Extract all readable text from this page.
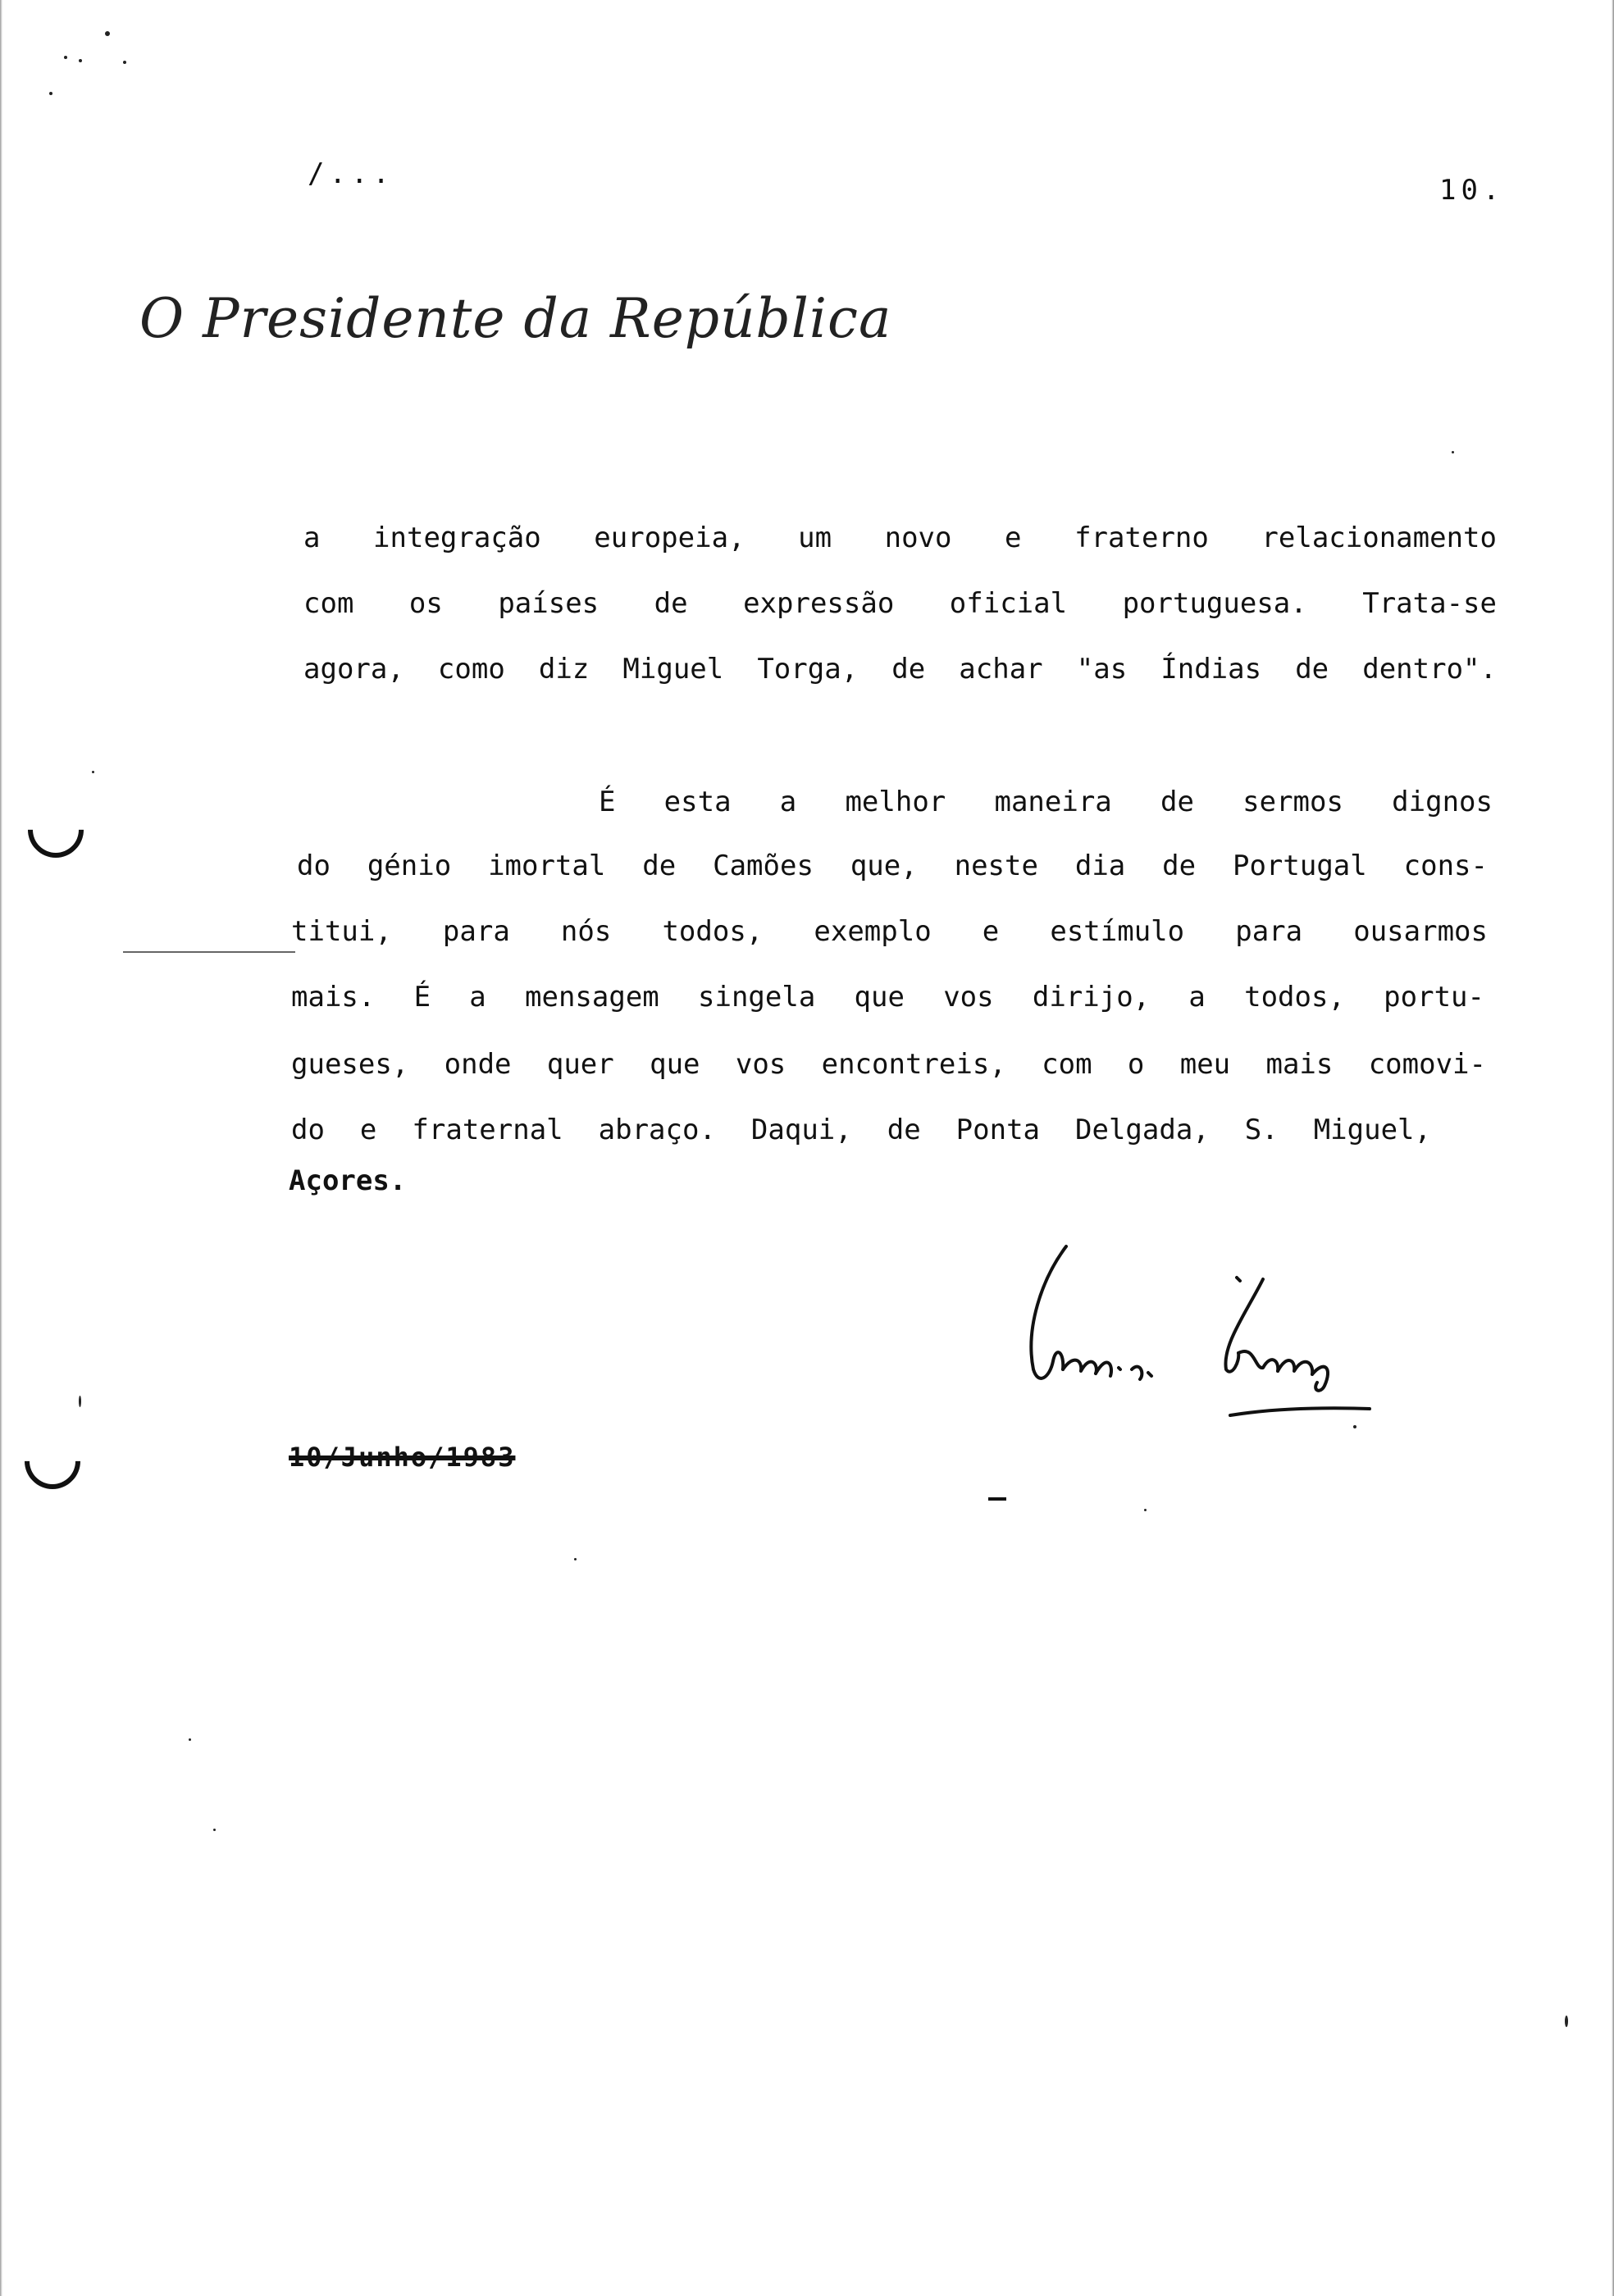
/...	10.
O Presidente da República
a integração europeia, um novo e fraterno relacionamento
com os países de expressão oficial portuguesa. Trata-se
agora, como diz Miguel Torga, de achar "as Índias de dentro".
É esta a melhor maneira de sermos dignos
do génio imortal de Camões que, neste dia de Portugal cons-
titui, para nós todos, exemplo e estímulo para ousarmos
mais. É a mensagem singela que vos dirijo, a todos, portu-
gueses, onde quer que vos encontreis, com o meu mais comovi-
do e fraternal abraço. Daqui, de Ponta Delgada, S. Miguel,
Açores.
10/Junho/1983
